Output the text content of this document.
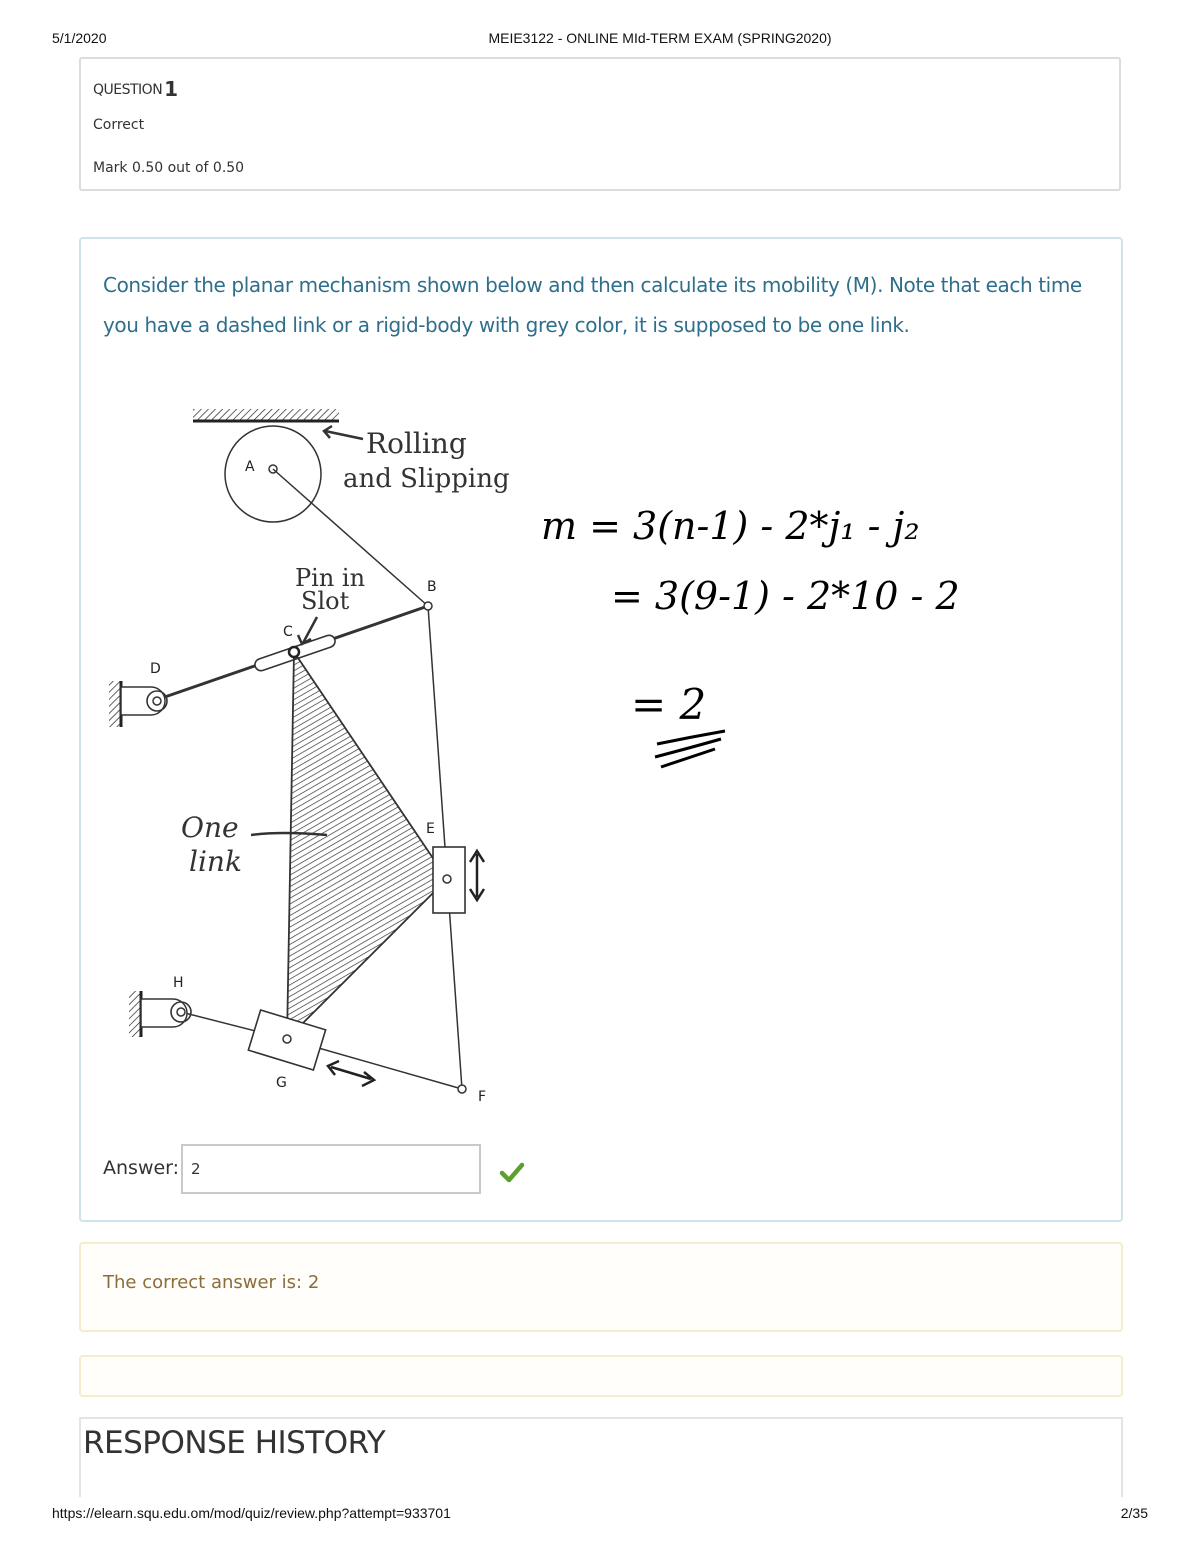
5/1/2020	MEIE3122 - ONLINE MId-TERM EXAM (SPRING2020)
QUESTION 1
Correct
Mark 0.50 out of 0.50
Consider the planar mechanism shown below and then calculate its mobility (M). Note that each time you have a dashed link or a rigid-body with grey color, it is supposed to be one link.
A
B
C
D
E
F
G
H
Rolling
and Slipping
Pin in
Slot
One
link
m = 3(n-1) - 2*j₁ - j₂
= 3(9-1) - 2*10 - 2
= 2
Answer: 2
The correct answer is: 2
RESPONSE HISTORY
https://elearn.squ.edu.om/mod/quiz/review.php?attempt=933701	2/35
